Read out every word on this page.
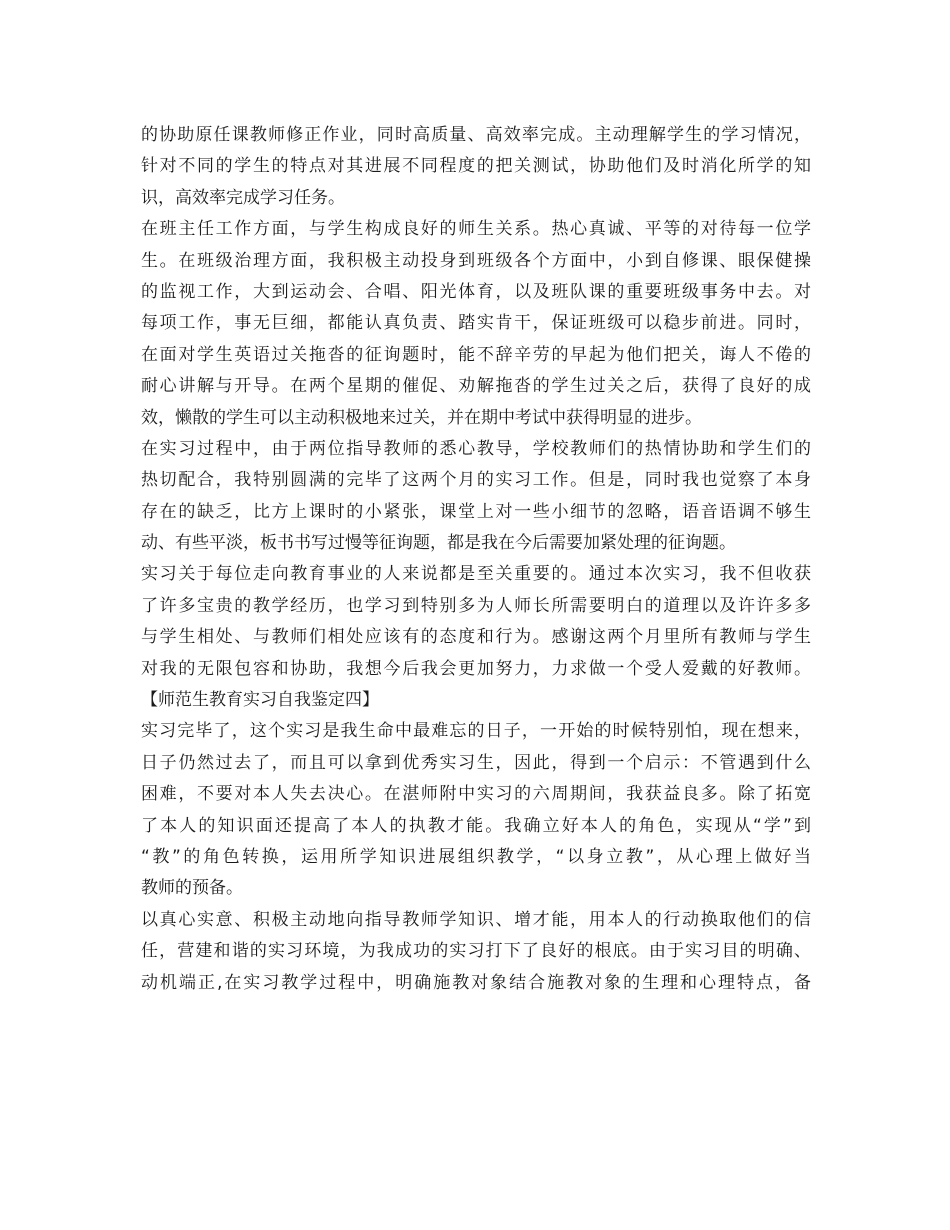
的协助原任课教师修正作业，同时高质量、高效率完成。主动理解学生的学习情况，
针对不同的学生的特点对其进展不同程度的把关测试，协助他们及时消化所学的知
识，高效率完成学习任务。
在班主任工作方面，与学生构成良好的师生关系。热心真诚、平等的对待每一位学
生。在班级治理方面，我积极主动投身到班级各个方面中，小到自修课、眼保健操
的监视工作，大到运动会、合唱、阳光体育，以及班队课的重要班级事务中去。对
每项工作，事无巨细，都能认真负责、踏实肯干，保证班级可以稳步前进。同时，
在面对学生英语过关拖沓的征询题时，能不辞辛劳的早起为他们把关，诲人不倦的
耐心讲解与开导。在两个星期的催促、劝解拖沓的学生过关之后，获得了良好的成
效，懒散的学生可以主动积极地来过关，并在期中考试中获得明显的进步。
在实习过程中，由于两位指导教师的悉心教导，学校教师们的热情协助和学生们的
热切配合，我特别圆满的完毕了这两个月的实习工作。但是，同时我也觉察了本身
存在的缺乏，比方上课时的小紧张，课堂上对一些小细节的忽略，语音语调不够生
动、有些平淡，板书书写过慢等征询题，都是我在今后需要加紧处理的征询题。
实习关于每位走向教育事业的人来说都是至关重要的。通过本次实习，我不但收获
了许多宝贵的教学经历，也学习到特别多为人师长所需要明白的道理以及许许多多
与学生相处、与教师们相处应该有的态度和行为。感谢这两个月里所有教师与学生
对我的无限包容和协助，我想今后我会更加努力，力求做一个受人爱戴的好教师。
【师范生教育实习自我鉴定四】
实习完毕了，这个实习是我生命中最难忘的日子，一开始的时候特别怕，现在想来，
日子仍然过去了，而且可以拿到优秀实习生，因此，得到一个启示：不管遇到什么
困难，不要对本人失去决心。在湛师附中实习的六周期间，我获益良多。除了拓宽
了本人的知识面还提高了本人的执教才能。我确立好本人的角色，实现从“学”到
“教”的角色转换，运用所学知识进展组织教学，“以身立教”，从心理上做好当
教师的预备。
以真心实意、积极主动地向指导教师学知识、增才能，用本人的行动换取他们的信
任，营建和谐的实习环境，为我成功的实习打下了良好的根底。由于实习目的明确、
动机端正,在实习教学过程中，明确施教对象结合施教对象的生理和心理特点，备
